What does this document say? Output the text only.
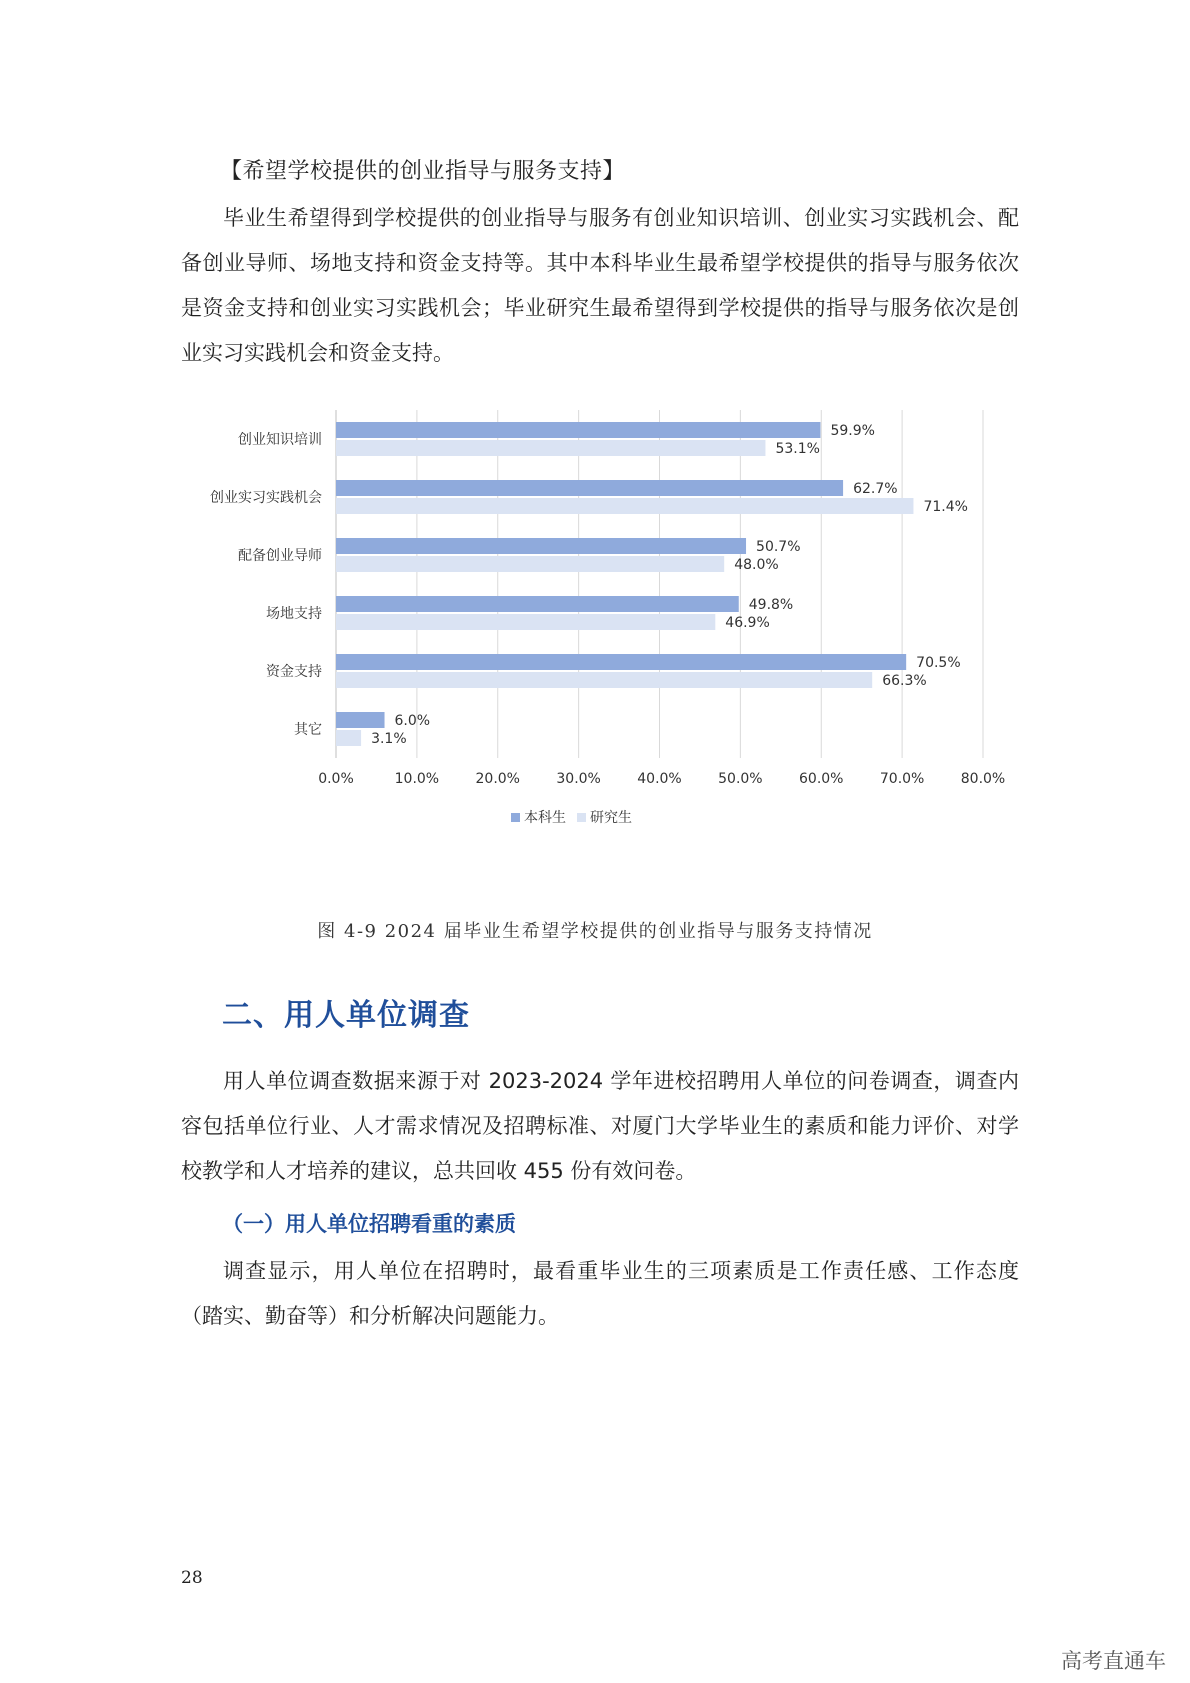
【希望学校提供的创业指导与服务支持】

毕业生希望得到学校提供的创业指导与服务有创业知识培训、创业实习实践机会、配备创业导师、场地支持和资金支持等。其中本科毕业生最希望学校提供的指导与服务依次是资金支持和创业实习实践机会；毕业研究生最希望得到学校提供的指导与服务依次是创业实习实践机会和资金支持。

0.0%	10.0%	20.0%	30.0%	40.0%	50.0%	60.0%	70.0%	80.0%
创业知识培训
59.9%
53.1%
创业实习实践机会
62.7%
71.4%
配备创业导师
50.7%
48.0%
场地支持
49.8%
46.9%
资金支持
70.5%
66.3%
其它
6.0%
3.1%
本科生 研究生
图 4-9 2024 届毕业生希望学校提供的创业指导与服务支持情况
二、用人单位调查

用人单位调查数据来源于对 2023-2024 学年进校招聘用人单位的问卷调查，调查内容包括单位行业、人才需求情况及招聘标准、对厦门大学毕业生的素质和能力评价、对学校教学和人才培养的建议，总共回收 455 份有效问卷。

（一）用人单位招聘看重的素质

调查显示，用人单位在招聘时，最看重毕业生的三项素质是工作责任感、工作态度（踏实、勤奋等）和分析解决问题能力。

28
高考直通车
